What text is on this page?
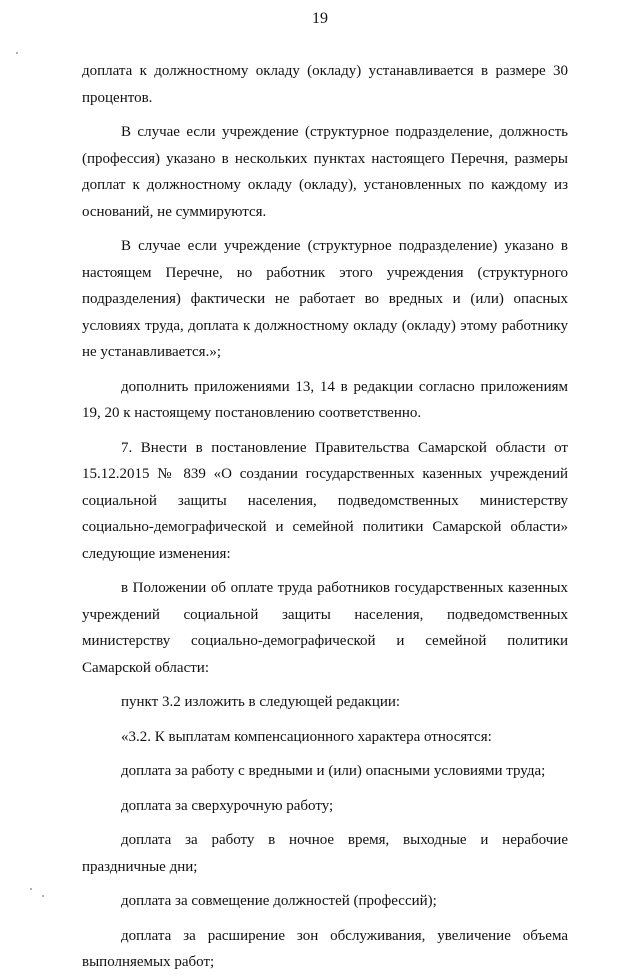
19

доплата к должностному окладу (окладу) устанавливается в размере 30 процентов.

В случае если учреждение (структурное подразделение, должность (профессия) указано в нескольких пунктах настоящего Перечня, размеры доплат к должностному окладу (окладу), установленных по каждому из оснований, не суммируются.

В случае если учреждение (структурное подразделение) указано в настоящем Перечне, но работник этого учреждения (структурного подразделения) фактически не работает во вредных и (или) опасных условиях труда, доплата к должностному окладу (окладу) этому работнику не устанавливается.»;

дополнить приложениями 13, 14 в редакции согласно приложениям 19, 20 к настоящему постановлению соответственно.

7. Внести в постановление Правительства Самарской области от 15.12.2015 № 839 «О создании государственных казенных учреждений социальной защиты населения, подведомственных министерству социально-демографической и семейной политики Самарской области» следующие изменения:

в Положении об оплате труда работников государственных казенных учреждений социальной защиты населения, подведомственных министерству социально-демографической и семейной политики Самарской области:

пункт 3.2 изложить в следующей редакции:

«3.2. К выплатам компенсационного характера относятся:

доплата за работу с вредными и (или) опасными условиями труда;

доплата за сверхурочную работу;

доплата за работу в ночное время, выходные и нерабочие праздничные дни;

доплата за совмещение должностей (профессий);

доплата за расширение зон обслуживания, увеличение объема выполняемых работ;
